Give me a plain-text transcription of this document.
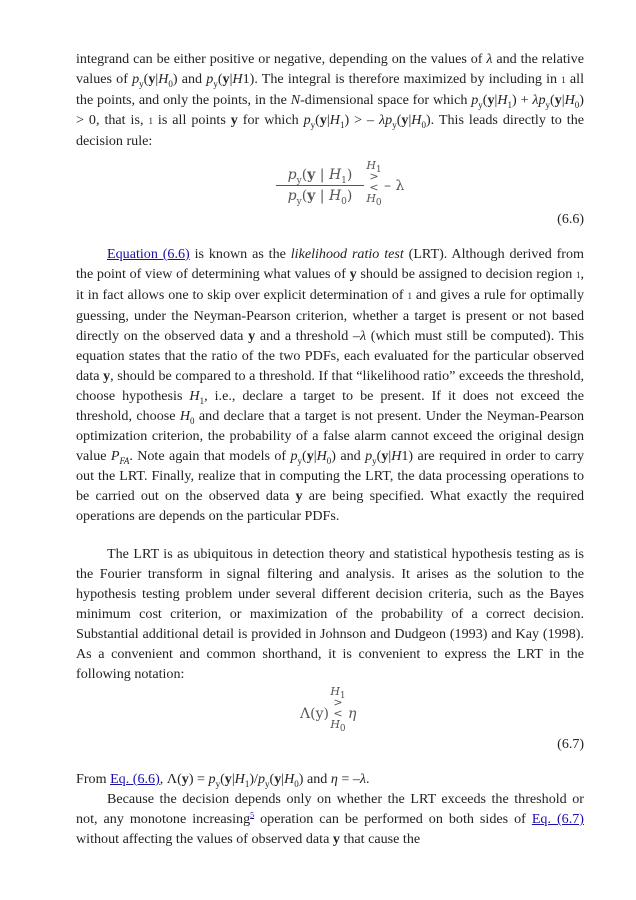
integrand can be either positive or negative, depending on the values of λ and the relative values of $p_y(y|H_0)$ and $p_y(y|H1)$. The integral is therefore maximized by including in 1 all the points, and only the points, in the N-dimensional space for which $p_y(y|H_1) + \lambda p_y(y|H_0) > 0$, that is, 1 is all points y for which $p_y(y|H_1)$ > – $\lambda p_y(y|H_0)$. This leads directly to the decision rule:

$p_y(y$ | $H_1$)
$p_y(y$ | $H_0$)
$H_1$
>
<
$H_0$
– λ
(6.6)

Equation (6.6) is known as the likelihood ratio test (LRT). Although derived from the point of view of determining what values of y should be assigned to decision region 1, it in fact allows one to skip over explicit determination of 1 and gives a rule for optimally guessing, under the Neyman-Pearson criterion, whether a target is present or not based directly on the observed data y and a threshold –λ (which must still be computed). This equation states that the ratio of the two PDFs, each evaluated for the particular observed data y, should be compared to a threshold. If that “likelihood ratio” exceeds the threshold, choose hypothesis $H_1$, i.e., declare a target to be present. If it does not exceed the threshold, choose $H_0$ and declare that a target is not present. Under the Neyman-Pearson optimization criterion, the probability of a false alarm cannot exceed the original design value $P_{FA}$. Note again that models of $p_y(y|H_0)$ and $p_y(y|H1)$ are required in order to carry out the LRT. Finally, realize that in computing the LRT, the data processing operations to be carried out on the observed data y are being specified. What exactly the required operations are depends on the particular PDFs.

The LRT is as ubiquitous in detection theory and statistical hypothesis testing as is the Fourier transform in signal filtering and analysis. It arises as the solution to the hypothesis testing problem under several different decision criteria, such as the Bayes minimum cost criterion, or maximization of the probability of a correct decision. Substantial additional detail is provided in Johnson and Dudgeon (1993) and Kay (1998). As a convenient and common shorthand, it is convenient to express the LRT in the following notation:

Λ(y)
$H_1$
>
<
$H_0$
η
(6.7)

From Eq. (6.6), $\Lambda(y) = p_y(y|H_1)/p_y(y|H_0)$ and η = –λ.

Because the decision depends only on whether the LRT exceeds the threshold or not, any monotone increasing$^5$ operation can be performed on both sides of Eq. (6.7) without affecting the values of observed data y that cause the
